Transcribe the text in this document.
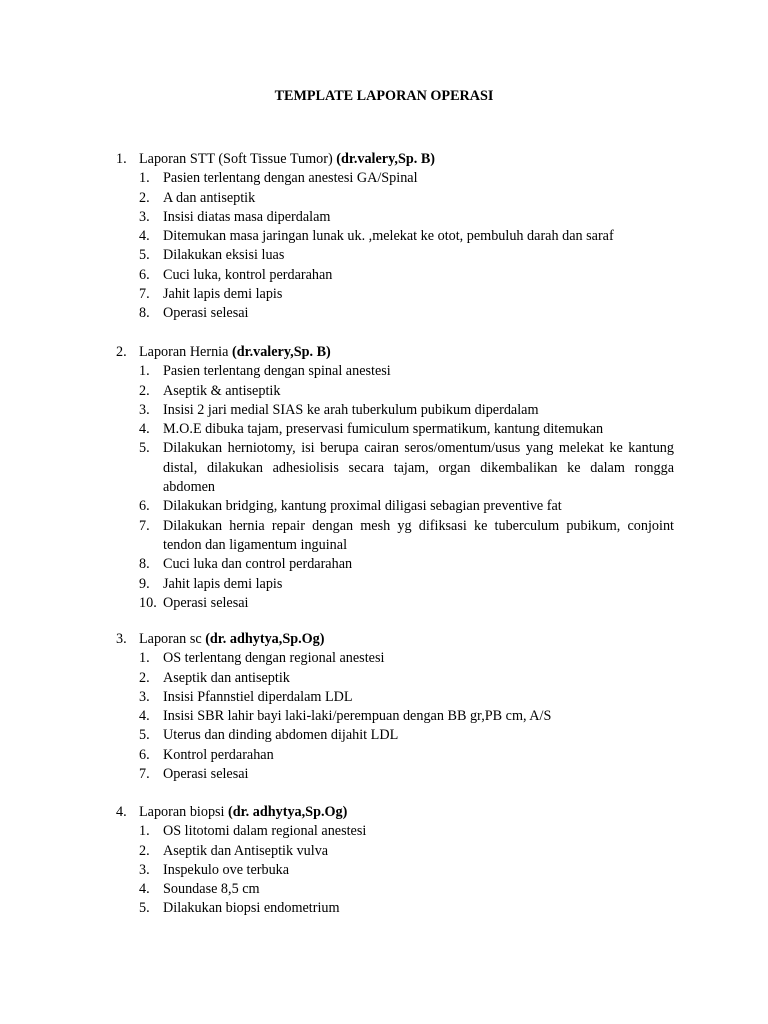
TEMPLATE LAPORAN OPERASI
1. Laporan STT (Soft Tissue Tumor) (dr.valery,Sp. B)
1. Pasien terlentang dengan anestesi GA/Spinal
2. A dan antiseptik
3. Insisi diatas masa diperdalam
4. Ditemukan masa jaringan lunak uk. ,melekat ke otot, pembuluh darah dan saraf
5. Dilakukan eksisi luas
6. Cuci luka, kontrol perdarahan
7. Jahit lapis demi lapis
8. Operasi selesai
2. Laporan Hernia (dr.valery,Sp. B)
1. Pasien terlentang dengan spinal anestesi
2. Aseptik & antiseptik
3. Insisi 2 jari medial SIAS ke arah tuberkulum pubikum diperdalam
4. M.O.E dibuka tajam, preservasi fumiculum spermatikum, kantung ditemukan
5. Dilakukan herniotomy, isi berupa cairan seros/omentum/usus yang melekat ke kantung distal, dilakukan adhesiolisis secara tajam, organ dikembalikan ke dalam rongga abdomen
6. Dilakukan bridging, kantung proximal diligasi sebagian preventive fat
7. Dilakukan hernia repair dengan mesh yg difiksasi ke tuberculum pubikum, conjoint tendon dan ligamentum inguinal
8. Cuci luka dan control perdarahan
9. Jahit lapis demi lapis
10. Operasi selesai
3. Laporan sc (dr. adhytya,Sp.Og)
1. OS terlentang dengan regional anestesi
2. Aseptik dan antiseptik
3. Insisi Pfannstiel diperdalam LDL
4. Insisi SBR lahir bayi laki-laki/perempuan dengan BB gr,PB cm, A/S
5. Uterus dan dinding abdomen dijahit LDL
6. Kontrol perdarahan
7. Operasi selesai
4. Laporan biopsi (dr. adhytya,Sp.Og)
1. OS litotomi dalam regional anestesi
2. Aseptik dan Antiseptik vulva
3. Inspekulo ove terbuka
4. Soundase 8,5 cm
5. Dilakukan biopsi endometrium
